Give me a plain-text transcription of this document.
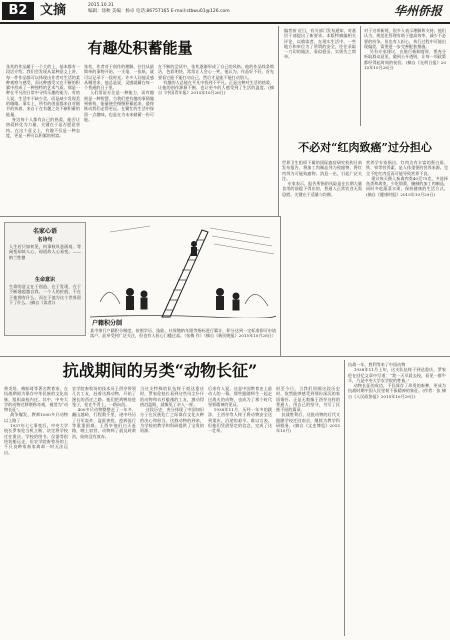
B2 文摘	2015.10.31
编辑：徐秋 美编：杨卓 电话:86757165 E-mail:stbwu01@126.com	华州侨报
有趣处积蓄能量
张兆的作品属于一个大的上，基本都有一段话介绍。我们会发现从某种意义上讲，每一件作品都可以体现出作者对生活的某种观察与感受，而这种感受又在不断的积累中形成了一种独特的艺术气质。那是一种在平凡的日常中寻找乐趣的能力。有的人说，生活中不缺少美，而是缺少发现美的眼睛。事实上，所有的创造都来自对细节的执着，来自于在有趣之处不断积蓄的能量。
身边每个人都有自己的热爱，能否让热爱转化为力量，关键在于是否愿意坚持。在这个意义上，有趣不仅是一种态度，更是一种可以积累的财富。
张兆，作者对于创作的理解，往往从最简单的事物开始。一支笔、一张纸，就可以记录下一段时光。许多人问他灵感从哪里来，他总是说，灵感就藏在每一个普通的日子里。
人们常说专注是一种能力，而有趣则是一种智慧。当我们把有趣的事情做到极致，能量便会慢慢积蓄起来，最终推动我们走得更远。在繁忙的生活中保留一点趣味，也是在为未来储蓄一份可能。
在不断的尝试中，张兆逐渐形成了自己的风格。他的作品线条简洁，色彩明快，常常让人会心一笑。他认为，作品好不好，首先要看它能不能打动自己，然后才是能不能打动别人。
有趣的人总能在平凡中找到不平凡。正是这种对生活的热爱，让他的创作源源不断，也让更多的人感受到了生活的温度。(摘自《中国青年报》2015年10月26日)
编者按 近日，有关部门发布通知，对基层干部提出了新要求。本版特摘编相关评论，以飨读者。在现实生活中，一些地方和单位为了所谓的安全，往往采取一刀切的做法，看似稳妥，实则失之简单。
对于这项新规，很多人表示理解和支持。他们认为，规范化管理有助于提高效率，减少不必要的纷争。但也有人担心，执行过程中可能出现偏差，需要进一步完善配套措施。
另有专家建议，在推行新制度时，要充分听取群众意见，做到公开透明，让每一项政策都经得起时间的检验。(摘自《光明日报》2015年10月28日)
不必对“红肉致癌”过分担心
世界卫生组织下属的国际癌症研究机构日前发布报告，将加工肉制品列为致癌物，将红肉列为可能致癌物。消息一出，引起广泛关注。
专家表示，报告所指的风险是在长期大量食用的前提下得出的，普通人正常饮食无需恐慌。关键在于适量与均衡。
营养学专家指出，红肉含有丰富的蛋白质、铁、锌等营养素，是人体重要的营养来源。完全不吃红肉反而可能导致营养不良。
建议每天摄入畜禽肉类40至75克，多选择鱼类和禽类，少吃烟熏、腌制的加工肉制品，同时多吃蔬菜水果，保持健康的生活方式。(摘自《健康时报》2015年10月29日)
名家心语
名诗句
人生若只如初见，何事秋风悲画扇。等闲变却故人心，却道故人心易变。——纳兰性德
生命意识
生命的意义在于创造，在于发现，在于不断地超越自我。一个人的价值，不在于他拥有什么，而在于他为这个世界留下了什么。(摘自《读者》)
户籍积分制
某市推行户籍积分制度，按照学历、技能、社保缴纳年限等指标进行累计，积分达到一定标准即可申请落户。此举受到广泛关注，但也有人担心门槛过高。（张梅 作）（摘自《新民晚报》2015年10月28日）
抗战期间的另类“动物长征”
黄炎培、梅贻琦等著名教育家，在抗战期间为保存中华民族的文化血脉，组织高校内迁。其中，中央大学的动物迁移堪称奇观，被誉为“动物长征”。
战争爆发，教师1000多只动物以上路了
1937年七七事变后，中央大学校长罗家伦当机立断，决定将学校迁往重庆。学校的图书、仪器等很快装船运走，但农学院畜牧场的上千只良种家畜家禽却一时无法运出。
农学院畜牧场的技术员王酉亭带领几名工友，赶着这群动物，开始了漫长的西迁之路。他们把鸡鸭装进笼子，挂在牛背上，一路向西。
400多只动物整整走了一年多，翻山越岭，行程数千里，途中经历了日军轰炸、盗匪袭扰、疫病流行等重重困难。王酉亭他们白天赶路，晚上宿营，动物病了就及时救治，始终没有放弃。
当这支特殊的队伍终于抵达重庆时，罗家伦校长看到这些风尘仆仆的动物和衣衫褴褛的工友，激动得热泪盈眶，就像见了亲人一样。
这段历史，充分体现了中国知识分子在民族危亡之际保存文化火种的决心和担当。这群动物的到来，为学校的教学和科研提供了宝贵的资源。
后来有人说，这是中国教育史上最动人的一幕。那些跟随师生一起走过战火的动物，也成为了那个时代坚韧精神的见证。
1938年11月，历经一年多的跋涉，王酉亭等人终于将动物安全送到重庆。沿途的艰辛，难以言表。但他们凭借坚定的信念，完成了这一壮举。
时至今日，当我们回顾这段历史时，依然能够感受到那份深沉的家国情怀。正是无数像王酉亭这样的普通人，用自己的坚守，书写了民族不屈的篇章。
抗战胜利后，这批动物的后代又跟随学校迁回南京，继续为教学科研服务。(摘自《文史博览》2015年10月)
抗战一年，胜利等来了中国动物
1938年11月上旬，这支队伍终于到达重庆。罗家伦在回忆文章中写道：“我一天早晨去校，看见一群牛羊，乃是中央大学农学院的牲畜。”
动物长征的成功，不仅保存了珍贵的畜种，更成为抗战时期中国人民坚韧不拔精神的象征。(作者：张 摘自《人民政协报》2015年10月29日)
